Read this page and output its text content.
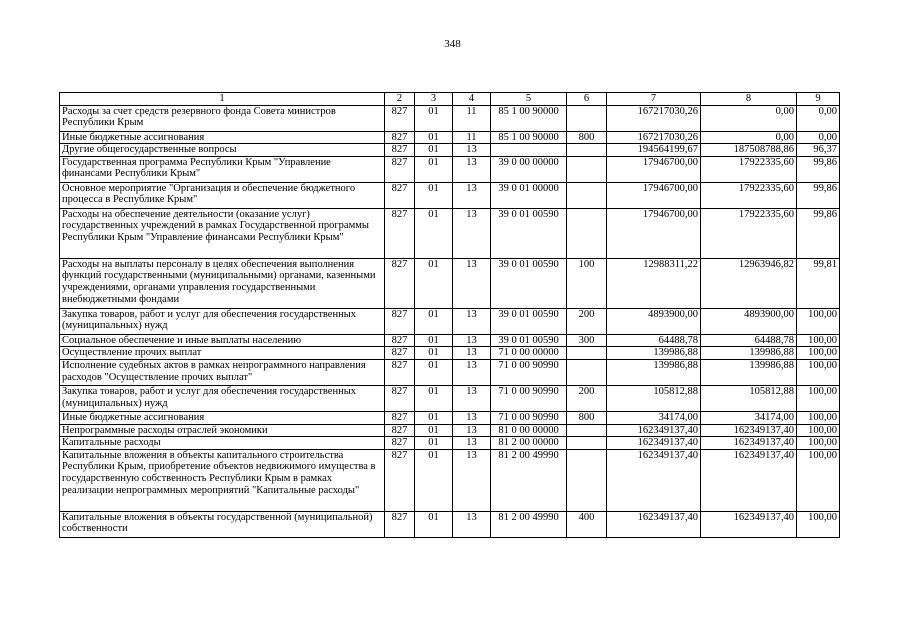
348
1	2	3	4	5	6	7	8	9
Расходы за счет средств резервного фонда Совета министров Республики Крым	827	01	11	85 1 00 90000		167217030,26	0,00	0,00
Иные бюджетные ассигнования	827	01	11	85 1 00 90000	800	167217030,26	0,00	0,00
Другие общегосударственные вопросы	827	01	13			194564199,67	187508788,86	96,37
Государственная программа Республики Крым "Управление финансами Республики Крым"	827	01	13	39 0 00 00000		17946700,00	17922335,60	99,86
Основное мероприятие "Организация и обеспечение бюджетного процесса в Республике Крым"	827	01	13	39 0 01 00000		17946700,00	17922335,60	99,86
Расходы на обеспечение деятельности (оказание услуг) государственных учреждений в рамках Государственной программы Республики Крым "Управление финансами Республики Крым"	827	01	13	39 0 01 00590		17946700,00	17922335,60	99,86
Расходы на выплаты персоналу в целях обеспечения выполнения функций государственными (муниципальными) органами, казенными учреждениями, органами управления государственными внебюджетными фондами	827	01	13	39 0 01 00590	100	12988311,22	12963946,82	99,81
Закупка товаров, работ и услуг для обеспечения государственных (муниципальных) нужд	827	01	13	39 0 01 00590	200	4893900,00	4893900,00	100,00
Социальное обеспечение и иные выплаты населению	827	01	13	39 0 01 00590	300	64488,78	64488,78	100,00
Осуществление прочих выплат	827	01	13	71 0 00 00000		139986,88	139986,88	100,00
Исполнение судебных актов в рамках непрограммного направления расходов "Осуществление прочих выплат"	827	01	13	71 0 00 90990		139986,88	139986,88	100,00
Закупка товаров, работ и услуг для обеспечения государственных (муниципальных) нужд	827	01	13	71 0 00 90990	200	105812,88	105812,88	100,00
Иные бюджетные ассигнования	827	01	13	71 0 00 90990	800	34174,00	34174,00	100,00
Непрограммные расходы отраслей экономики	827	01	13	81 0 00 00000		162349137,40	162349137,40	100,00
Капитальные расходы	827	01	13	81 2 00 00000		162349137,40	162349137,40	100,00
Капитальные вложения в объекты капитального строительства Республики Крым, приобретение объектов недвижимого имущества в государственную собственность Республики Крым в рамках реализации непрограммных мероприятий "Капитальные расходы"	827	01	13	81 2 00 49990		162349137,40	162349137,40	100,00
Капитальные вложения в объекты государственной (муниципальной) собственности	827	01	13	81 2 00 49990	400	162349137,40	162349137,40	100,00
